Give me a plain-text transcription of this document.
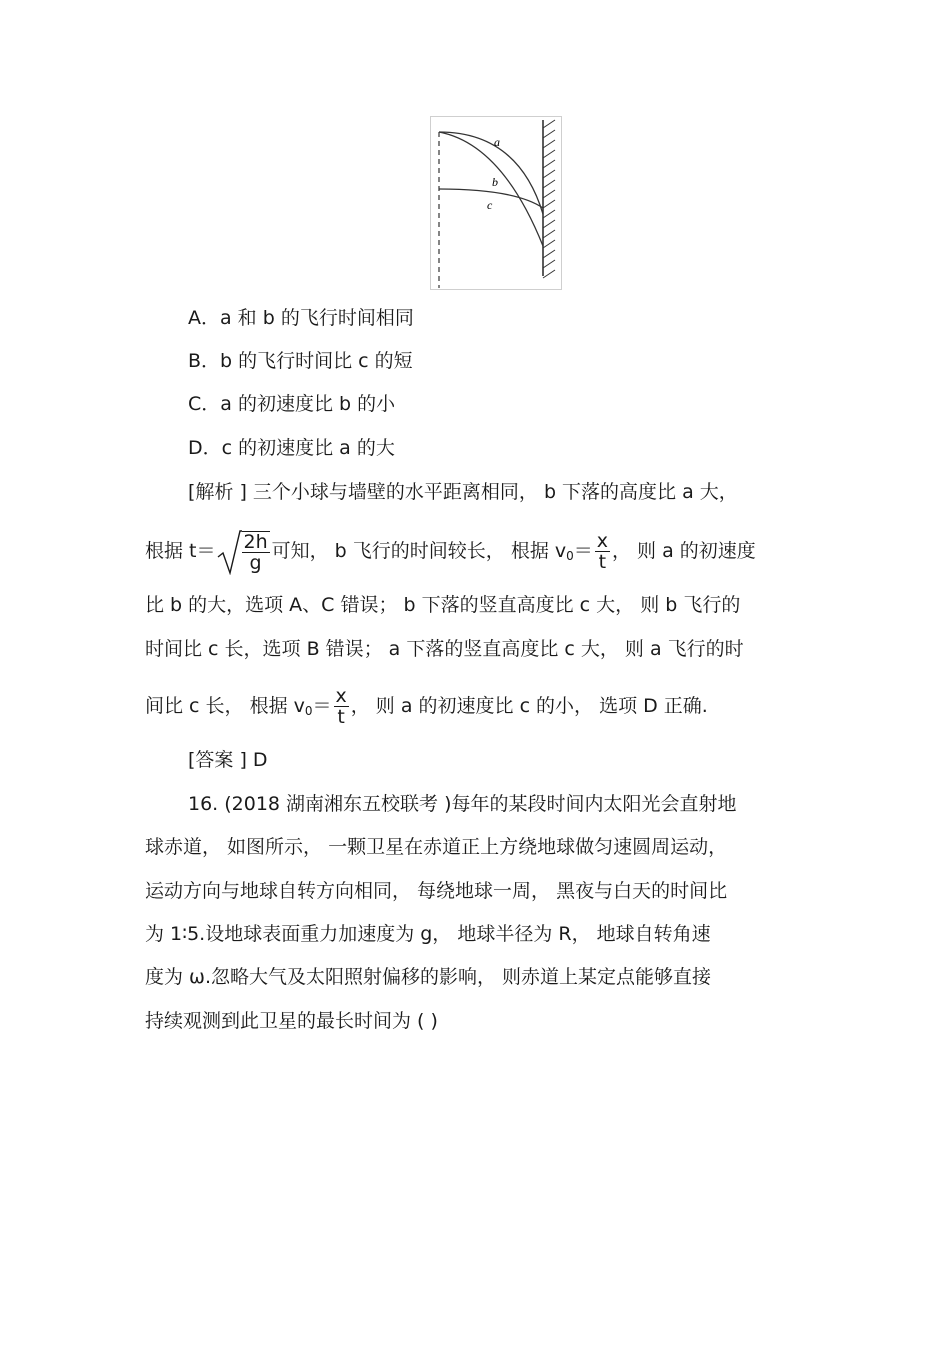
a
b
c
A．a 和 b 的飞行时间相同
B．b 的飞行时间比 c 的短
C．a 的初速度比 b 的小
D．c 的初速度比 a 的大
[解析 ] 三个小球与墙壁的水平距离相同， b 下落的高度比 a 大，
根据 $t= \frac{2h}{g}$ 可知， b 飞行的时间较长， 根据 $v_0= \frac{x}{t}$ ， 则 a 的初速度
比 b 的大，选项 A、C 错误； b 下落的竖直高度比 c 大， 则 b 飞行的
时间比 c 长，选项 B 错误； a 下落的竖直高度比 c 大， 则 a 飞行的时
间比 c 长， 根据 $v_0= \frac{x}{t}$ ， 则 a 的初速度比 c 的小， 选项 D 正确.
[答案 ] D
16. (2018 湖南湘东五校联考 )每年的某段时间内太阳光会直射地
球赤道， 如图所示， 一颗卫星在赤道正上方绕地球做匀速圆周运动，
运动方向与地球自转方向相同， 每绕地球一周， 黑夜与白天的时间比
为 1∶5.设地球表面重力加速度为 g， 地球半径为 R， 地球自转角速
度为 ω.忽略大气及太阳照射偏移的影响， 则赤道上某定点能够直接
持续观测到此卫星的最长时间为 ( )
